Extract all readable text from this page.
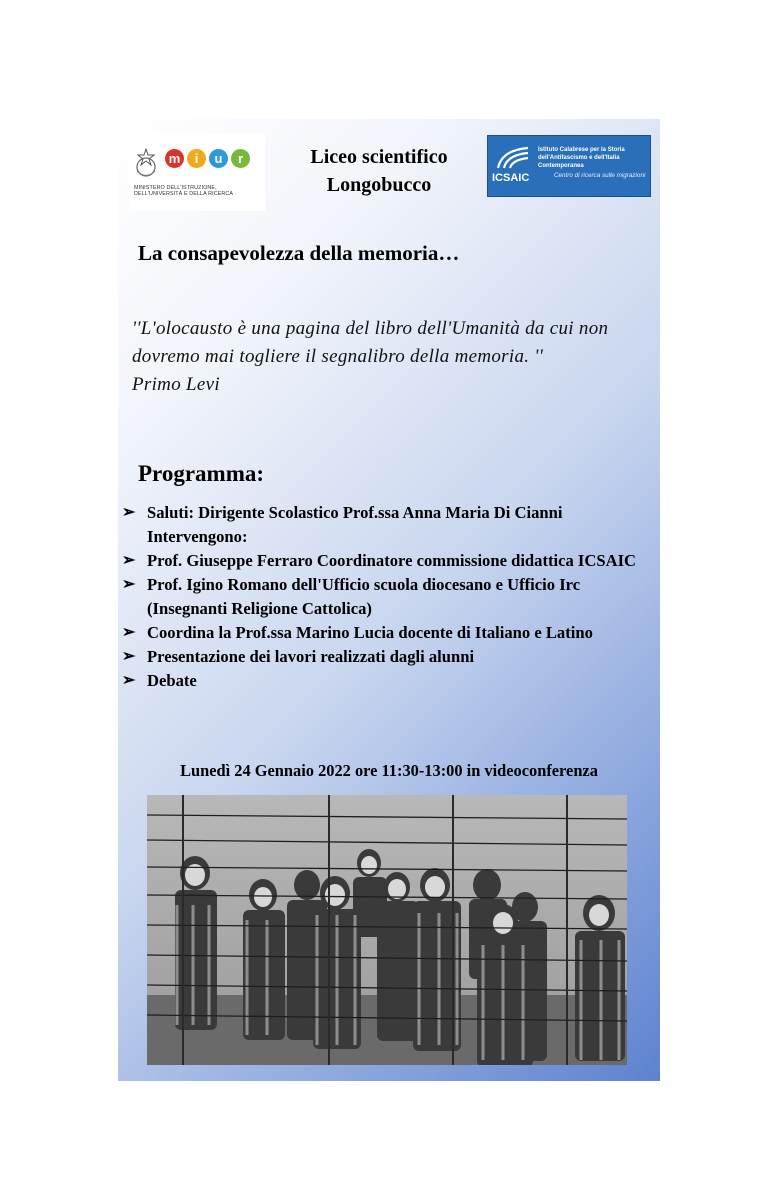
m	i	u	r
MINISTERO DELL'ISTRUZIONE, DELL'UNIVERSITÀ E DELLA RICERCA
Liceo scientifico
Longobucco	ICSAIC
Istituto Calabrese per la Storia dell'Antifascismo e dell'Italia Contemporanea
Centro di ricerca sulle migrazioni
La consapevolezza della memoria…
''L'olocausto è una pagina del libro dell'Umanità da cui non dovremo mai togliere il segnalibro della memoria. ''
Primo Levi
Programma:
➢ Saluti: Dirigente Scolastico Prof.ssa Anna Maria Di Cianni
Intervengono:
➢ Prof. Giuseppe Ferraro Coordinatore commissione didattica ICSAIC
➢ Prof. Igino Romano dell'Ufficio scuola diocesano e Ufficio Irc (Insegnanti Religione Cattolica)
➢ Coordina la Prof.ssa Marino Lucia docente di Italiano e Latino
➢ Presentazione dei lavori realizzati dagli alunni
➢ Debate
Lunedì 24 Gennaio 2022 ore 11:30-13:00 in videoconferenza
